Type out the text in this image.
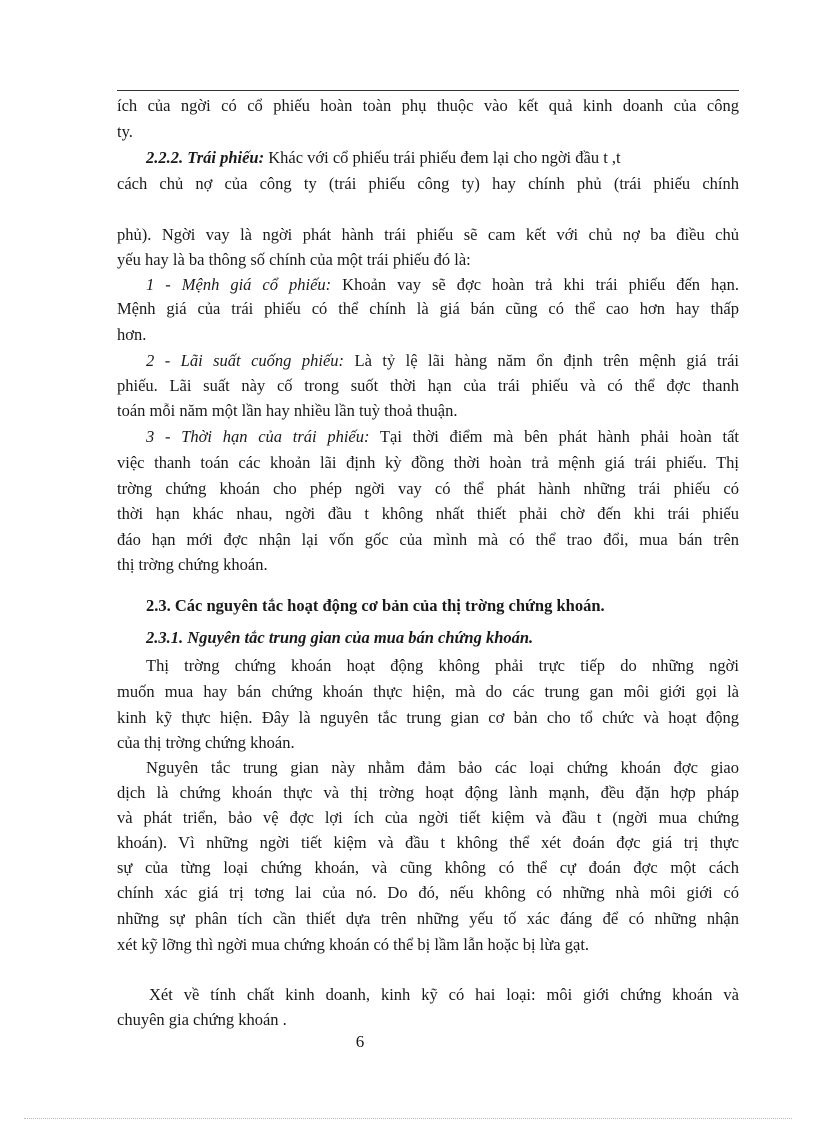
ích của ngời có cổ phiếu hoàn toàn phụ thuộc vào kết quả kinh doanh của công
ty.
2.2.2. Trái phiếu: Khác với cổ phiếu trái phiếu đem lại cho ngời đầu t ,t
cách chủ nợ của công ty (trái phiếu công ty) hay chính phủ (trái phiếu chính
phủ). Ngời vay là ngời phát hành trái phiếu sẽ cam kết với chủ nợ ba điều chủ
yếu hay là ba thông số chính của một trái phiếu đó là:
1 - Mệnh giá cổ phiếu: Khoản vay sẽ đợc hoàn trả khi trái phiếu đến hạn.
Mệnh giá của trái phiếu có thể chính là giá bán cũng có thể cao hơn hay thấp
hơn.
2 - Lãi suất cuống phiếu: Là tỷ lệ lãi hàng năm ổn định trên mệnh giá trái
phiếu. Lãi suất này cố trong suốt thời hạn của trái phiếu và có thể đợc thanh
toán mỗi năm một lần hay nhiều lần tuỳ thoả thuận.
3 - Thời hạn của trái phiếu: Tại thời điểm mà bên phát hành phải hoàn tất
việc thanh toán các khoản lãi định kỳ đồng thời hoàn trả mệnh giá trái phiếu. Thị
trờng chứng khoán cho phép ngời vay có thể phát hành những trái phiếu có
thời hạn khác nhau, ngời đầu t không nhất thiết phải chờ đến khi trái phiếu
đáo hạn mới đợc nhận lại vốn gốc của mình mà có thể trao đổi, mua bán trên
thị trờng chứng khoán.
2.3. Các nguyên tắc hoạt động cơ bản của thị trờng chứng khoán.
2.3.1. Nguyên tắc trung gian của mua bán chứng khoán.
Thị trờng chứng khoán hoạt động không phải trực tiếp do những ngời
muốn mua hay bán chứng khoán thực hiện, mà do các trung gan môi giới gọi là
kinh kỹ thực hiện. Đây là nguyên tắc trung gian cơ bản cho tổ chức và hoạt động
của thị trờng chứng khoán.
Nguyên tắc trung gian này nhằm đảm bảo các loại chứng khoán đợc giao
dịch là chứng khoán thực và thị trờng hoạt động lành mạnh, đều đặn hợp pháp
và phát triển, bảo vệ đợc lợi ích của ngời tiết kiệm và đầu t (ngời mua chứng
khoán). Vì những ngời tiết kiệm và đầu t không thể xét đoán đợc giá trị thực
sự của từng loại chứng khoán, và cũng không có thể cự đoán đợc một cách
chính xác giá trị tơng lai của nó. Do đó, nếu không có những nhà môi giới có
những sự phân tích cần thiết dựa trên những yếu tố xác đáng để có những nhận
xét kỹ lỡng thì ngời mua chứng khoán có thể bị lầm lẫn hoặc bị lừa gạt.
Xét về tính chất kinh doanh, kinh kỹ có hai loại: môi giới chứng khoán và
chuyên gia chứng khoán .
6
